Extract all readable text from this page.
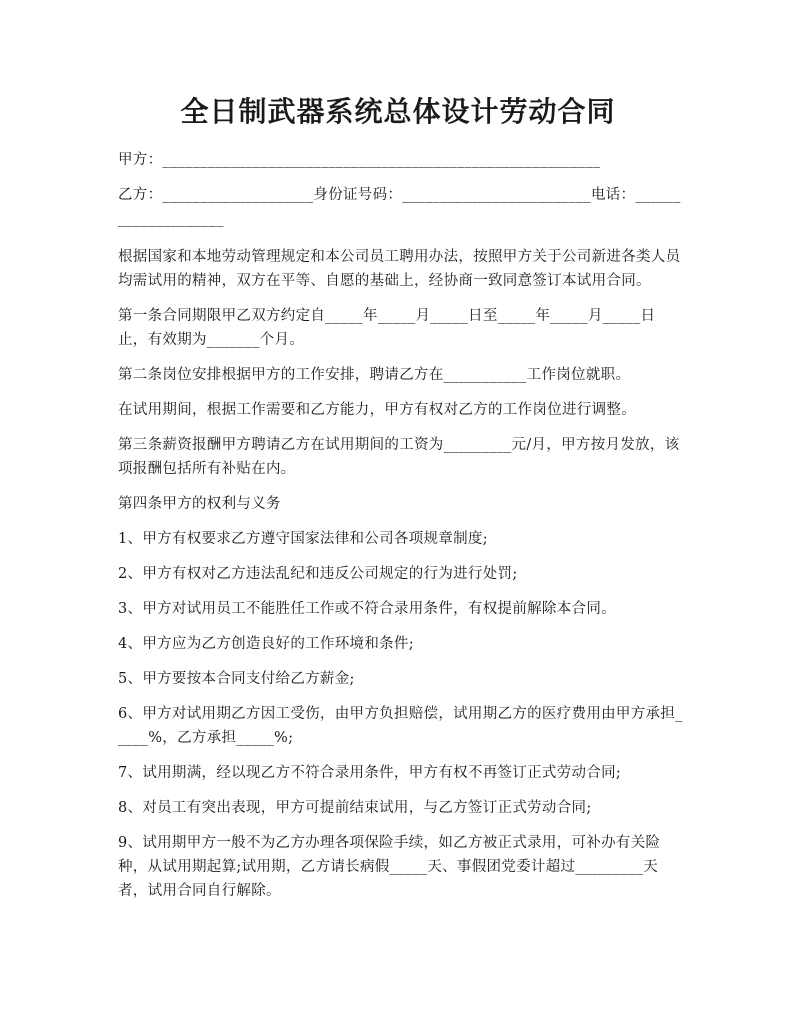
全日制武器系统总体设计劳动合同

甲方：__________________________________________________________

乙方：____________________身份证号码：_________________________电话：____________________

根据国家和本地劳动管理规定和本公司员工聘用办法，按照甲方关于公司新进各类人员均需试用的精神，双方在平等、自愿的基础上，经协商一致同意签订本试用合同。

第一条合同期限甲乙双方约定自_____年_____月_____日至_____年_____月_____日止，有效期为_______个月。

第二条岗位安排根据甲方的工作安排，聘请乙方在___________工作岗位就职。

在试用期间，根据工作需要和乙方能力，甲方有权对乙方的工作岗位进行调整。

第三条薪资报酬甲方聘请乙方在试用期间的工资为_________元/月，甲方按月发放，该项报酬包括所有补贴在内。

第四条甲方的权利与义务

1、甲方有权要求乙方遵守国家法律和公司各项规章制度;

2、甲方有权对乙方违法乱纪和违反公司规定的行为进行处罚;

3、甲方对试用员工不能胜任工作或不符合录用条件，有权提前解除本合同。

4、甲方应为乙方创造良好的工作环境和条件;

5、甲方要按本合同支付给乙方薪金;

6、甲方对试用期乙方因工受伤，由甲方负担赔偿，试用期乙方的医疗费用由甲方承担_____%，乙方承担_____%;

7、试用期满，经以现乙方不符合录用条件，甲方有权不再签订正式劳动合同;

8、对员工有突出表现，甲方可提前结束试用，与乙方签订正式劳动合同;

9、试用期甲方一般不为乙方办理各项保险手续，如乙方被正式录用，可补办有关险种，从试用期起算;试用期，乙方请长病假_____天、事假团党委计超过_________天者，试用合同自行解除。
